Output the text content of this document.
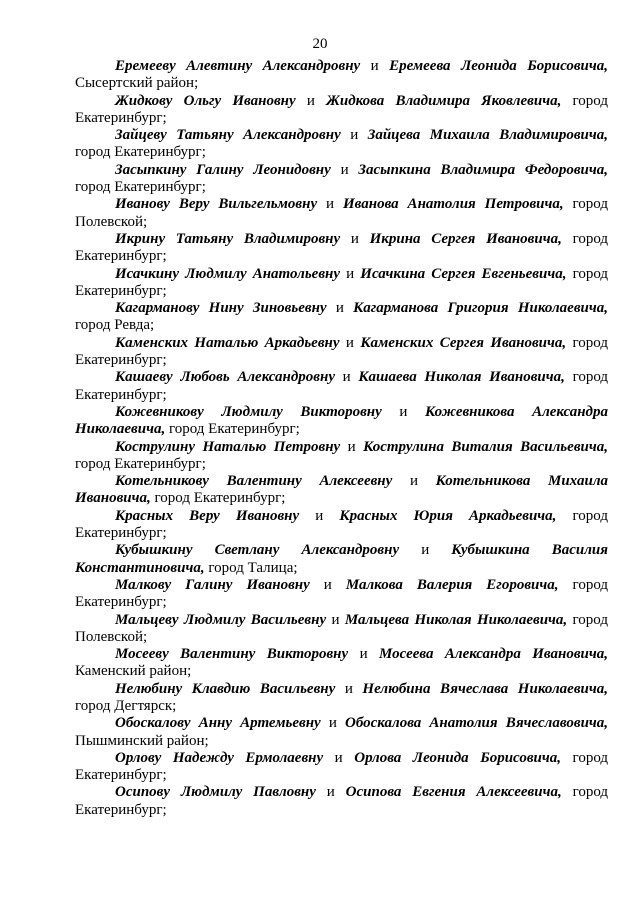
20

Еремееву Алевтину Александровну и Еремеева Леонида Борисовича, Сысертский район;

Жидкову Ольгу Ивановну и Жидкова Владимира Яковлевича, город Екатеринбург;

Зайцеву Татьяну Александровну и Зайцева Михаила Владимировича, город Екатеринбург;

Засыпкину Галину Леонидовну и Засыпкина Владимира Федоровича, город Екатеринбург;

Иванову Веру Вильгельмовну и Иванова Анатолия Петровича, город Полевской;

Икрину Татьяну Владимировну и Икрина Сергея Ивановича, город Екатеринбург;

Исачкину Людмилу Анатольевну и Исачкина Сергея Евгеньевича, город Екатеринбург;

Кагарманову Нину Зиновьевну и Кагарманова Григория Николаевича, город Ревда;

Каменских Наталью Аркадьевну и Каменских Сергея Ивановича, город Екатеринбург;

Кашаеву Любовь Александровну и Кашаева Николая Ивановича, город Екатеринбург;

Кожевникову Людмилу Викторовну и Кожевникова Александра Николаевича, город Екатеринбург;

Кострулину Наталью Петровну и Кострулина Виталия Васильевича, город Екатеринбург;

Котельникову Валентину Алексеевну и Котельникова Михаила Ивановича, город Екатеринбург;

Красных Веру Ивановну и Красных Юрия Аркадьевича, город Екатеринбург;

Кубышкину Светлану Александровну и Кубышкина Василия Константиновича, город Талица;

Малкову Галину Ивановну и Малкова Валерия Егоровича, город Екатеринбург;

Мальцеву Людмилу Васильевну и Мальцева Николая Николаевича, город Полевской;

Мосееву Валентину Викторовну и Мосеева Александра Ивановича, Каменский район;

Нелюбину Клавдию Васильевну и Нелюбина Вячеслава Николаевича, город Дегтярск;

Обоскалову Анну Артемьевну и Обоскалова Анатолия Вячеславовича, Пышминский район;

Орлову Надежду Ермолаевну и Орлова Леонида Борисовича, город Екатеринбург;

Осипову Людмилу Павловну и Осипова Евгения Алексеевича, город Екатеринбург;
